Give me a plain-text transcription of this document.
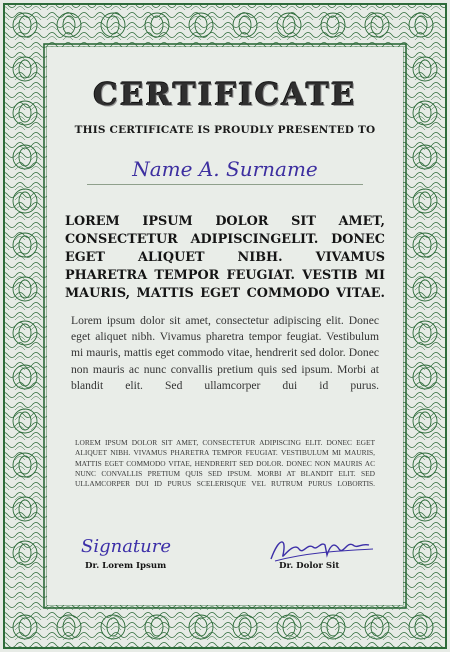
CERTIFICATE
THIS CERTIFICATE IS PROUDLY PRESENTED TO
Name A. Surname
LOREM IPSUM DOLOR SIT AMET, CONSECTETUR ADIPISCINGELIT. DONEC EGET ALIQUET NIBH. VIVAMUS PHARETRA TEMPOR FEUGIAT. VESTIB MI MAURIS, MATTIS EGET COMMODO VITAE.
Lorem ipsum dolor sit amet, consectetur adipiscing elit. Donec eget aliquet nibh. Vivamus pharetra tempor feugiat. Vestibulum mi mauris, mattis eget commodo vitae, hendrerit sed dolor. Donec non mauris ac nunc convallis pretium quis sed ipsum. Morbi at blandit elit. Sed ullamcorper dui id purus.
LOREM IPSUM DOLOR SIT AMET, CONSECTETUR ADIPISCING ELIT. DONEC EGET ALIQUET NIBH. VIVAMUS PHARETRA TEMPOR FEUGIAT. VESTIBULUM MI MAURIS, MATTIS EGET COMMODO VITAE, HENDRERIT SED DOLOR. DONEC NON MAURIS AC NUNC CONVALLIS PRETIUM QUIS SED IPSUM. MORBI AT BLANDIT ELIT. SED ULLAMCORPER DUI ID PURUS SCELERISQUE VEL RUTRUM PURUS LOBORTIS.
Signature
Dr. Lorem Ipsum	Dr. Dolor Sit
